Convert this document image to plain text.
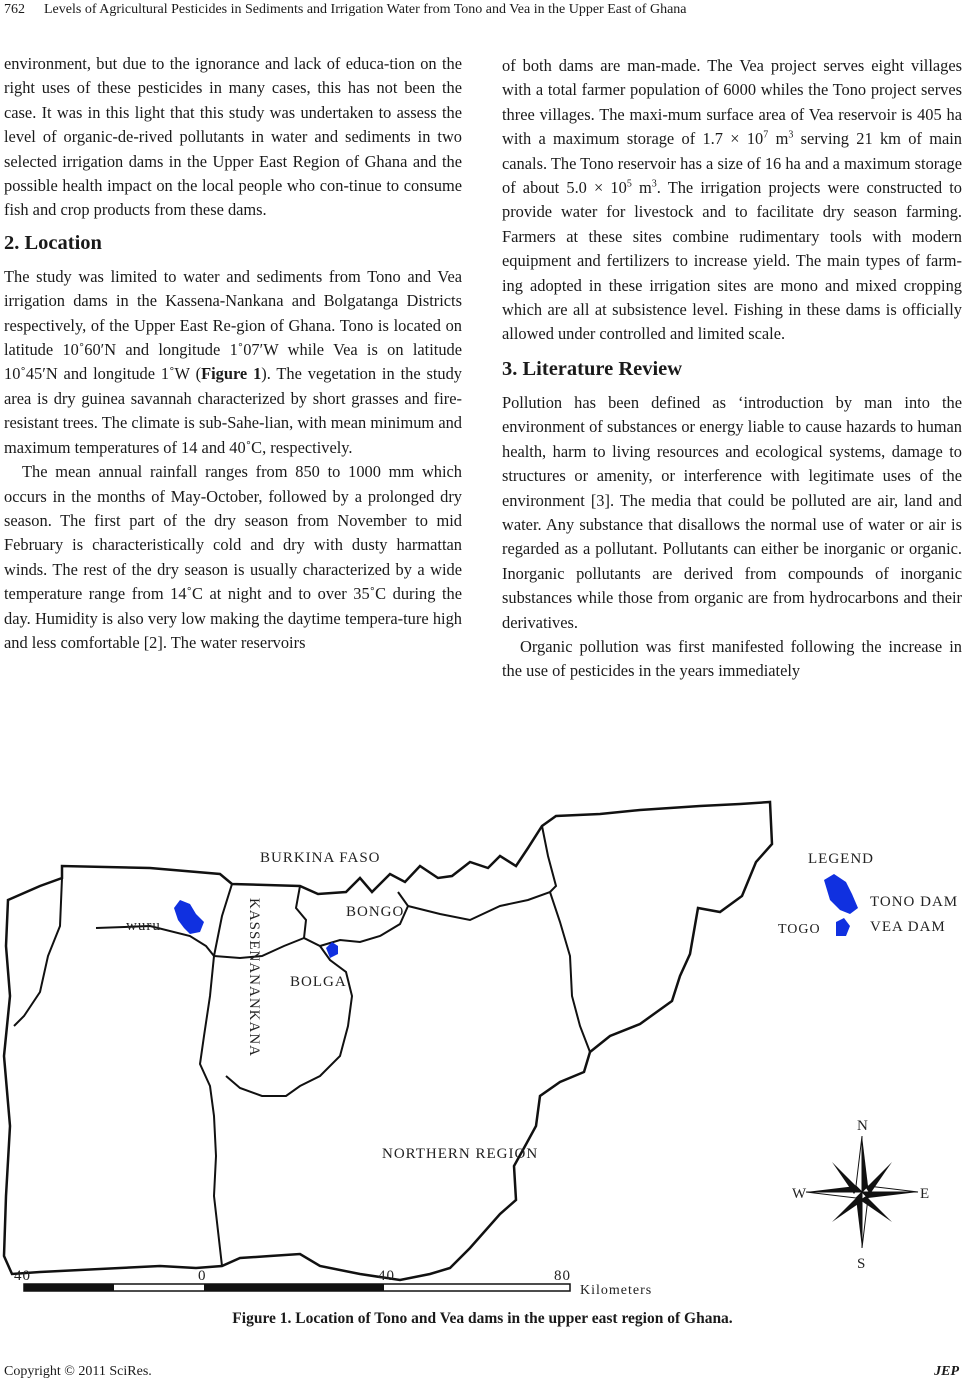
762 Levels of Agricultural Pesticides in Sediments and Irrigation Water from Tono and Vea in the Upper East of Ghana

environment, but due to the ignorance and lack of educa-tion on the right uses of these pesticides in many cases, this has not been the case. It was in this light that this study was undertaken to assess the level of organic-de-rived pollutants in water and sediments in two selected irrigation dams in the Upper East Region of Ghana and the possible health impact on the local people who con-tinue to consume fish and crop products from these dams.

2. Location

The study was limited to water and sediments from Tono and Vea irrigation dams in the Kassena-Nankana and Bolgatanga Districts respectively, of the Upper East Re-gion of Ghana. Tono is located on latitude 10˚60′N and longitude 1˚07′W while Vea is on latitude 10˚45′N and longitude 1˚W (Figure 1). The vegetation in the study area is dry guinea savannah characterized by short grasses and fire-resistant trees. The climate is sub-Sahe-lian, with mean minimum and maximum temperatures of 14 and 40˚C, respectively.

The mean annual rainfall ranges from 850 to 1000 mm which occurs in the months of May-October, followed by a prolonged dry season. The first part of the dry season from November to mid February is characteristically cold and dry with dusty harmattan winds. The rest of the dry season is usually characterized by a wide temperature range from 14˚C at night and to over 35˚C during the day. Humidity is also very low making the daytime tempera-ture high and less comfortable [2]. The water reservoirs

of both dams are man-made. The Vea project serves eight villages with a total farmer population of 6000 whiles the Tono project serves three villages. The maxi-mum surface area of Vea reservoir is 405 ha with a maximum storage of $1.7 \times 10^7$ $m^3$ serving 21 km of main canals. The Tono reservoir has a size of 16 ha and a maximum storage of about $5.0 \times 10^5$ $m^3$. The irrigation projects were constructed to provide water for livestock and to facilitate dry season farming. Farmers at these sites combine rudimentary tools with modern equipment and fertilizers to increase yield. The main types of farm-ing adopted in these irrigation sites are mono and mixed cropping which are all at subsistence level. Fishing in these dams is officially allowed under controlled and limited scale.

3. Literature Review

Pollution has been defined as ‘introduction by man into the environment of substances or energy liable to cause hazards to human health, harm to living resources and ecological systems, damage to structures or amenity, or interference with legitimate uses of the environment [3]. The media that could be polluted are air, land and water. Any substance that disallows the normal use of water or air is regarded as a pollutant. Pollutants can either be inorganic or organic. Inorganic pollutants are derived from compounds of inorganic substances while those from organic are from hydrocarbons and their derivatives.

Organic pollution was first manifested following the increase in the use of pesticides in the years immediately

BURKINA FASO
wuru	KASSENANANKANA	BONGO
BOLGA
NORTHERN REGION
TOGO
LEGEND
TONO DAM
VEA DAM
N
S
E
W
40	0	40	80
Kilometers
Figure 1. Location of Tono and Vea dams in the upper east region of Ghana.
Copyright © 2011 SciRes.	JEP
